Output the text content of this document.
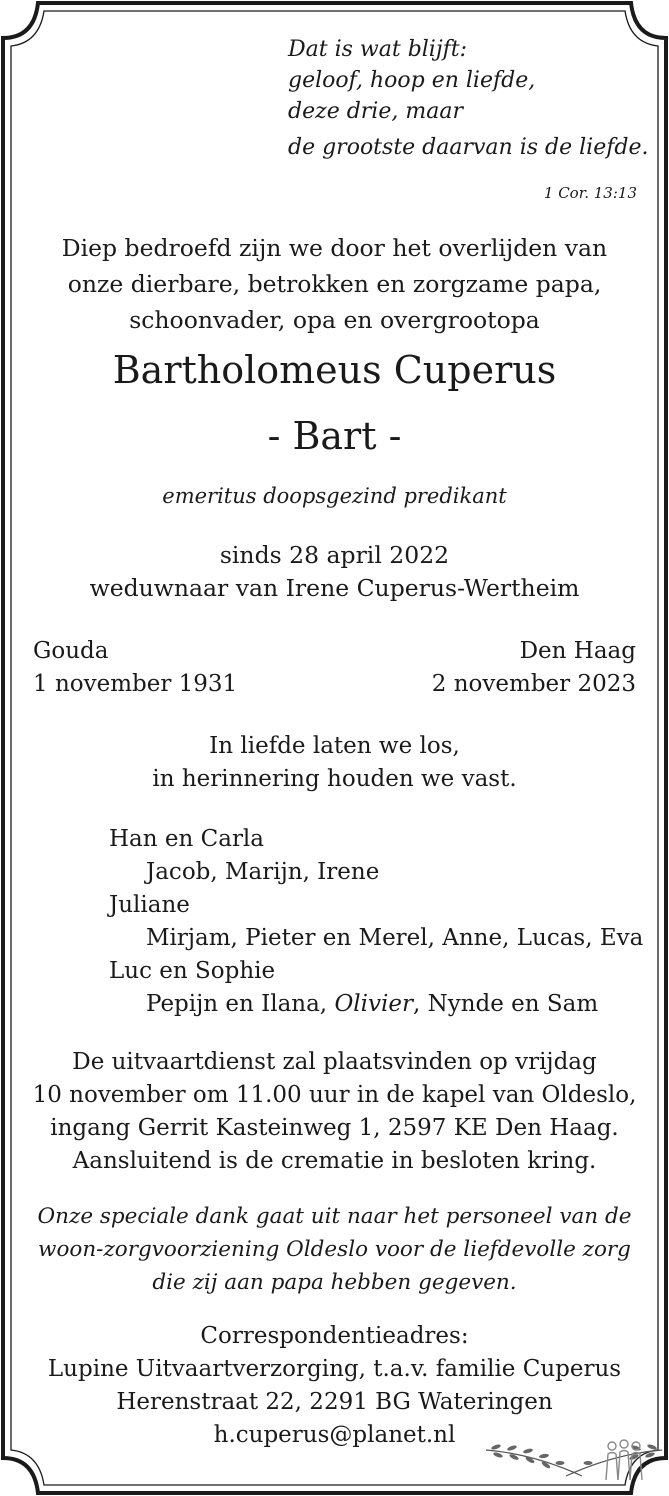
Dat is wat blijft:
geloof, hoop en liefde,
deze drie, maar
de grootste daarvan is de liefde.
1 Cor. 13:13
Diep bedroefd zijn we door het overlijden van
onze dierbare, betrokken en zorgzame papa,
schoonvader, opa en overgrootopa
Bartholomeus Cuperus
- Bart -
emeritus doopsgezind predikant
sinds 28 april 2022
weduwnaar van Irene Cuperus-Wertheim
Gouda
1 november 1931
Den Haag
2 november 2023
In liefde laten we los,
in herinnering houden we vast.
Han en Carla
Jacob, Marijn, Irene
Juliane
Mirjam, Pieter en Merel, Anne, Lucas, Eva
Luc en Sophie
Pepijn en Ilana, Olivier, Nynde en Sam
De uitvaartdienst zal plaatsvinden op vrijdag
10 november om 11.00 uur in de kapel van Oldeslo,
ingang Gerrit Kasteinweg 1, 2597 KE Den Haag.
Aansluitend is de crematie in besloten kring.
Onze speciale dank gaat uit naar het personeel van de
woon-zorgvoorziening Oldeslo voor de liefdevolle zorg
die zij aan papa hebben gegeven.
Correspondentieadres:
Lupine Uitvaartverzorging, t.a.v. familie Cuperus
Herenstraat 22, 2291 BG Wateringen
h.cuperus@planet.nl
